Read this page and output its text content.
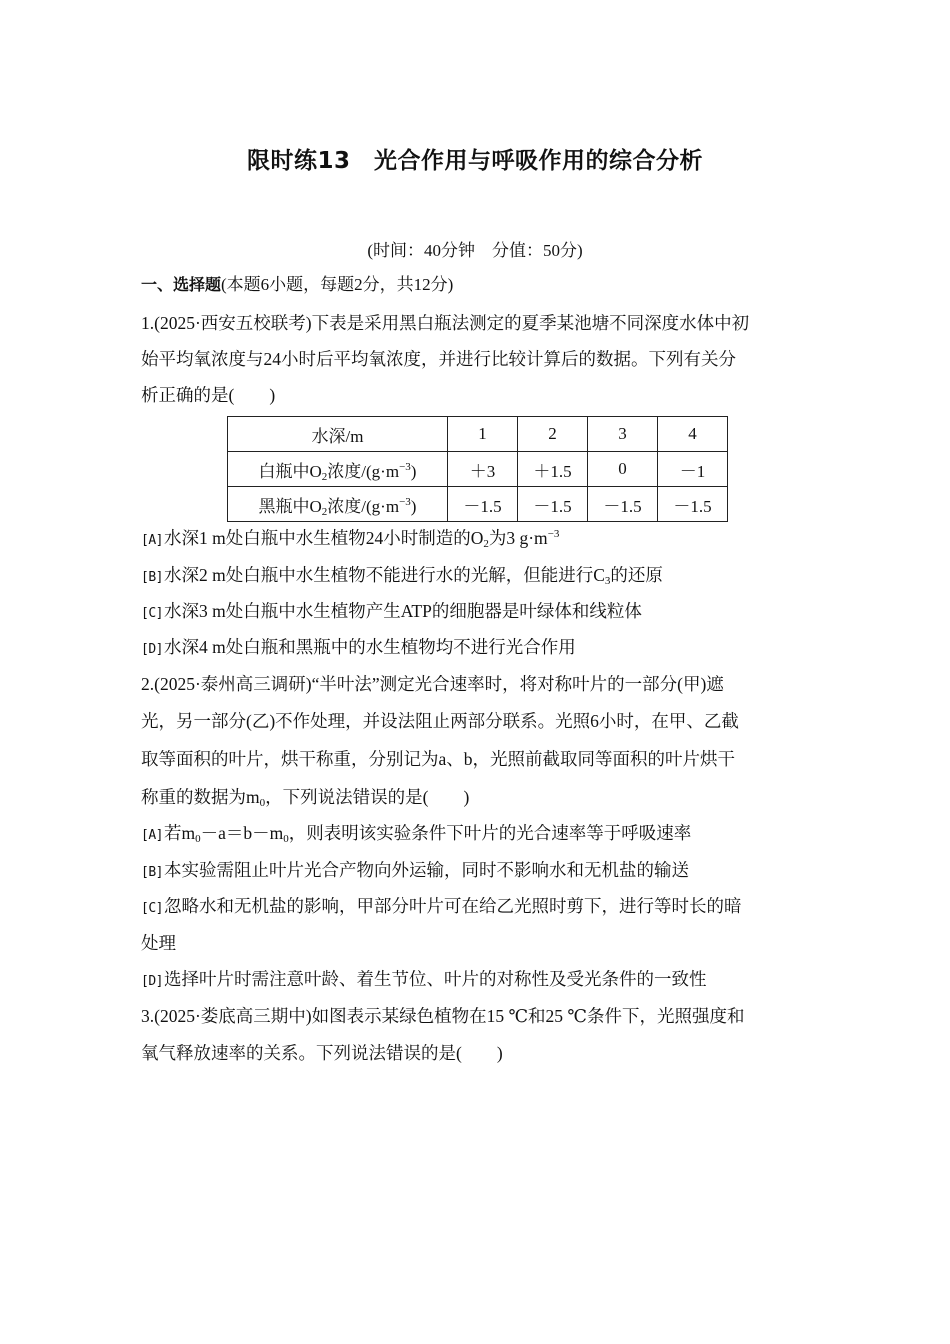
限时练13　光合作用与呼吸作用的综合分析
(时间：40分钟　分值：50分)
一、选择题(本题6小题，每题2分，共12分)
1.(2025·西安五校联考)下表是采用黑白瓶法测定的夏季某池塘不同深度水体中初
始平均氧浓度与24小时后平均氧浓度，并进行比较计算后的数据。下列有关分
析正确的是(　　)
水深/m	1	2	3	4
白瓶中$O_2$浓度$/(g\cdot m^{-3})$	＋3	＋1.5	0	－1
黑瓶中$O_2$浓度$/(g\cdot m^{-3})$	－1.5	－1.5	－1.5	－1.5
[A]水深1 m处白瓶中水生植物24小时制造的$O_2$为3 $g\cdot m^{-3}$
[B]水深2 m处白瓶中水生植物不能进行水的光解，但能进行$C_3$的还原
[C]水深3 m处白瓶中水生植物产生ATP的细胞器是叶绿体和线粒体
[D]水深4 m处白瓶和黑瓶中的水生植物均不进行光合作用
2.(2025·泰州高三调研)“半叶法”测定光合速率时，将对称叶片的一部分(甲)遮
光，另一部分(乙)不作处理，并设法阻止两部分联系。光照6小时，在甲、乙截
取等面积的叶片，烘干称重，分别记为a、b，光照前截取同等面积的叶片烘干
称重的数据为$m_0$，下列说法错误的是(　　)
[A]若$m_0-a=b-m_0$，则表明该实验条件下叶片的光合速率等于呼吸速率
[B]本实验需阻止叶片光合产物向外运输，同时不影响水和无机盐的输送
[C]忽略水和无机盐的影响，甲部分叶片可在给乙光照时剪下，进行等时长的暗
处理
[D]选择叶片时需注意叶龄、着生节位、叶片的对称性及受光条件的一致性
3.(2025·娄底高三期中)如图表示某绿色植物在15 ℃和25 ℃条件下，光照强度和
氧气释放速率的关系。下列说法错误的是(　　)
